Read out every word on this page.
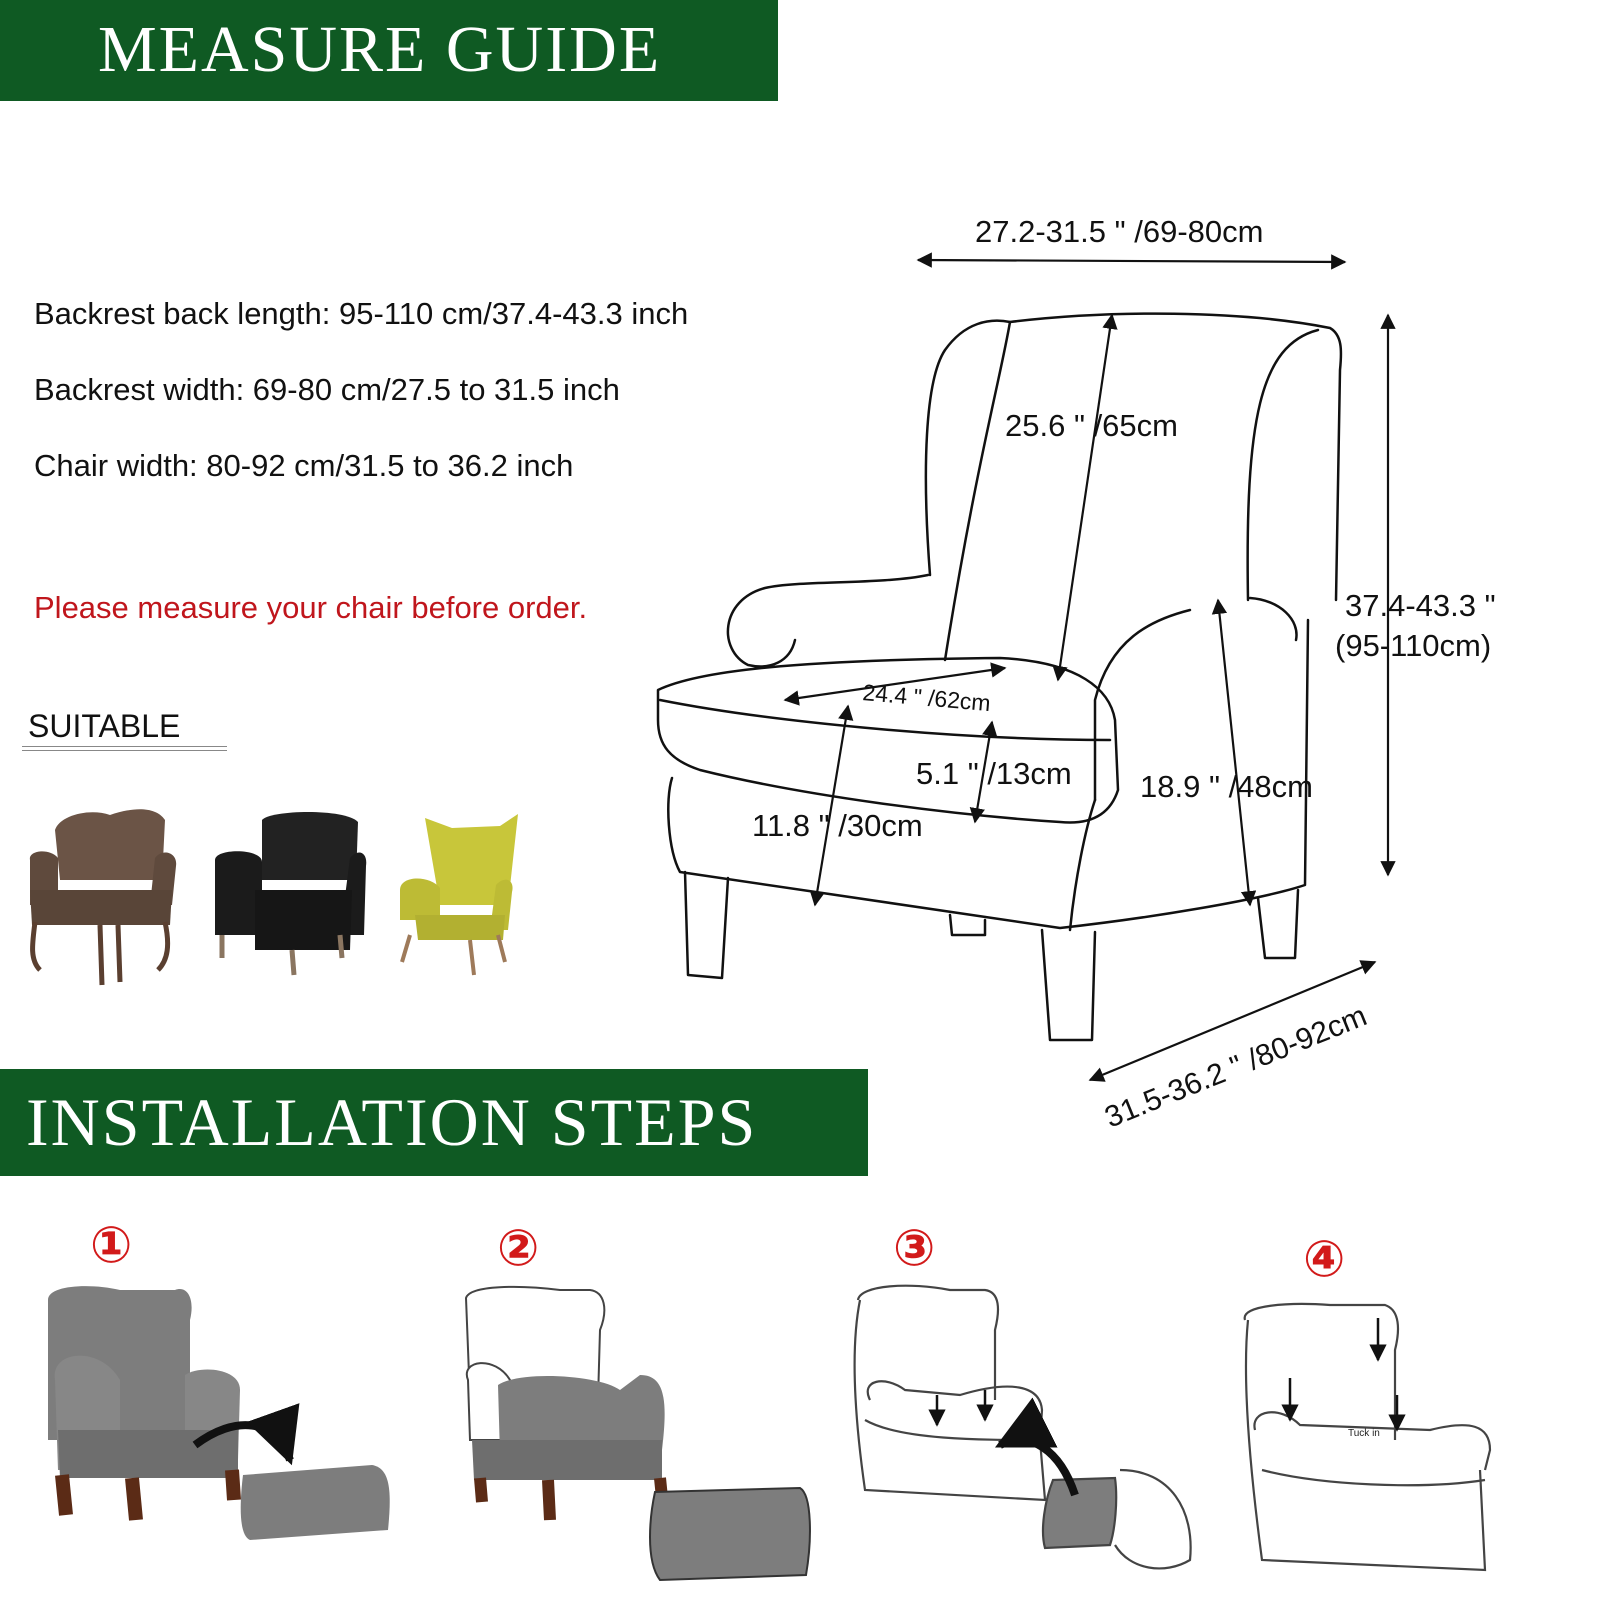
MEASURE GUIDE
Backrest back length: 95-110 cm/37.4-43.3 inch
Backrest width: 69-80 cm/27.5 to 31.5 inch
Chair width: 80-92 cm/31.5 to 36.2 inch
Please measure your chair before order.
SUITABLE
INSTALLATION STEPS
27.2-31.5 " /69-80cm
25.6 " /65cm
37.4-43.3 "
(95-110cm)
24.4 " /62cm
5.1 " /13cm
11.8 " /30cm
18.9 " /48cm
31.5-36.2 " /80-92cm
①	②	③	④
Tuck in
